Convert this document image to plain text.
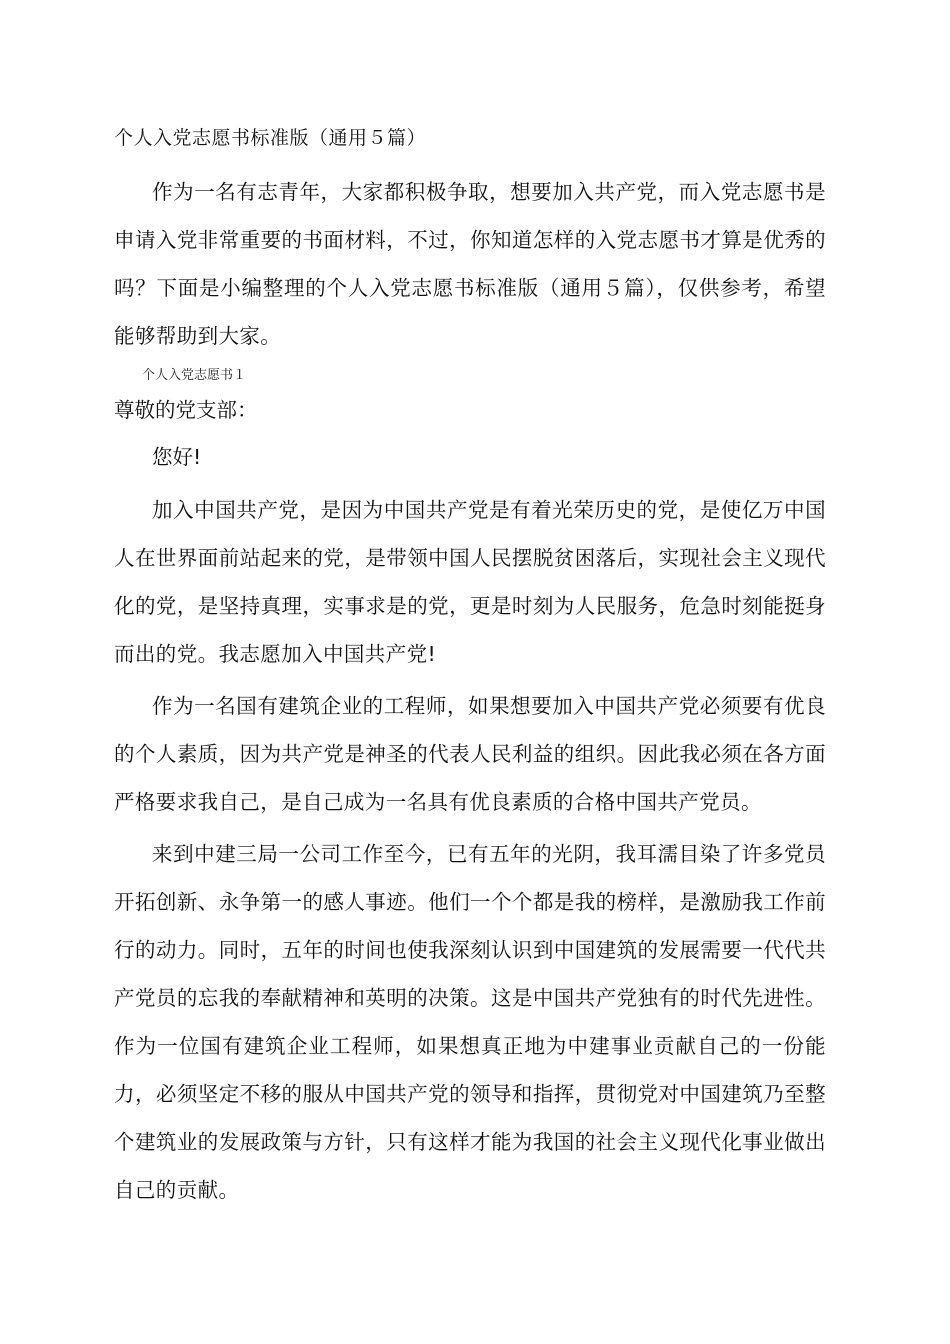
个人入党志愿书标准版（通用５篇）

作为一名有志青年，大家都积极争取，想要加入共产党，而入党志愿书是申请入党非常重要的书面材料，不过，你知道怎样的入党志愿书才算是优秀的吗？下面是小编整理的个人入党志愿书标准版（通用５篇），仅供参考，希望能够帮助到大家。

个人入党志愿书１

尊敬的党支部：

您好!

加入中国共产党，是因为中国共产党是有着光荣历史的党，是使亿万中国人在世界面前站起来的党，是带领中国人民摆脱贫困落后，实现社会主义现代化的党，是坚持真理，实事求是的党，更是时刻为人民服务，危急时刻能挺身而出的党。我志愿加入中国共产党!

作为一名国有建筑企业的工程师，如果想要加入中国共产党必须要有优良的个人素质，因为共产党是神圣的代表人民利益的组织。因此我必须在各方面严格要求我自己，是自己成为一名具有优良素质的合格中国共产党员。

来到中建三局一公司工作至今，已有五年的光阴，我耳濡目染了许多党员开拓创新、永争第一的感人事迹。他们一个个都是我的榜样，是激励我工作前行的动力。同时，五年的时间也使我深刻认识到中国建筑的发展需要一代代共产党员的忘我的奉献精神和英明的决策。这是中国共产党独有的时代先进性。作为一位国有建筑企业工程师，如果想真正地为中建事业贡献自己的一份能力，必须坚定不移的服从中国共产党的领导和指挥，贯彻党对中国建筑乃至整个建筑业的发展政策与方针，只有这样才能为我国的社会主义现代化事业做出自己的贡献。
